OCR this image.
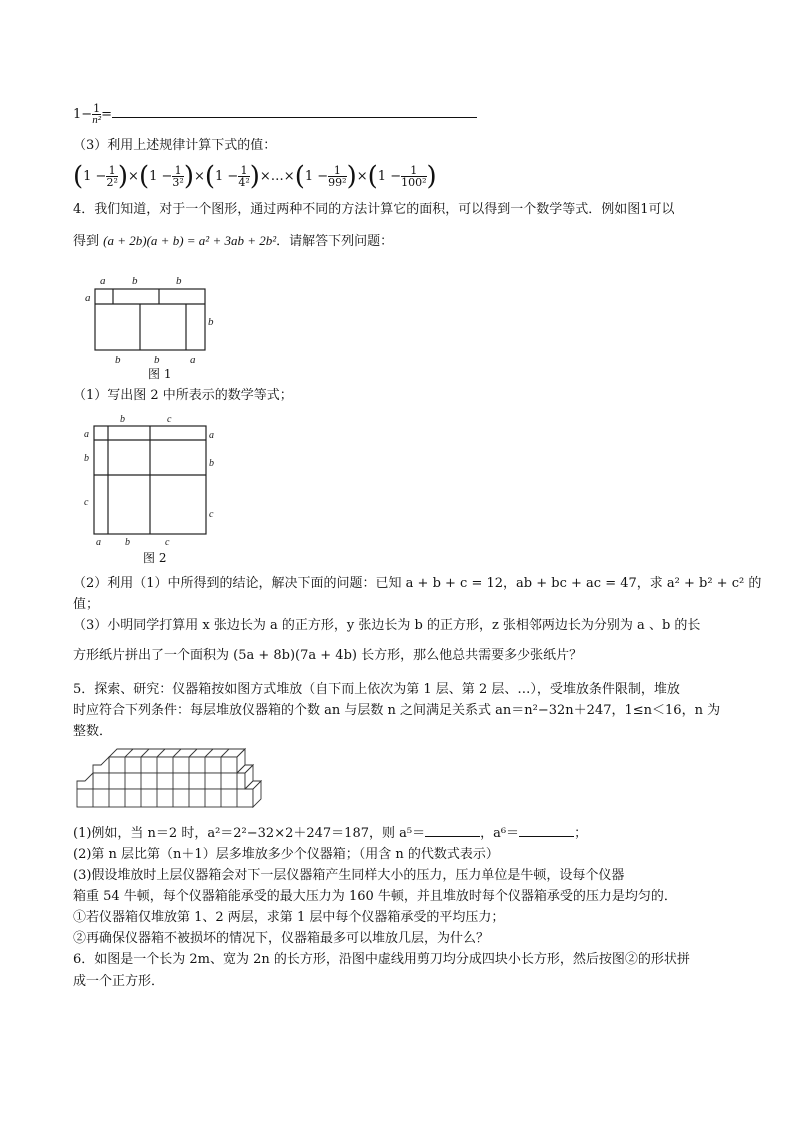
$1- \frac{1}{\text{n²}}$ =
（3）利用上述规律计算下式的值：
$(1 - \frac{1}{\text{2²}} )\times(1 - \frac{1}{\text{3²}} )\times(1 - \frac{1}{\text{4²}}$ )×…×(1 − $\frac{1}{\text{99²}} )\times(1 - \frac{1}{\text{100²}}$ )
4．我们知道，对于一个图形，通过两种不同的方法计算它的面积，可以得到一个数学等式．例如图1可以
得到 (a + 2b)(a + b) = a² + 3ab + 2b²．请解答下列问题：
a b	b
a
b
b	b	a
图 1
（1）写出图 2 中所表示的数学等式；
b	c
a
b
c
a
b
c
a b	c
图 2
（2）利用（1）中所得到的结论，解决下面的问题：已知 a + b + c = 12，ab + bc + ac = 47，求 a² + b² + c² 的
值；
（3）小明同学打算用 x 张边长为 a 的正方形，y 张边长为 b 的正方形，z 张相邻两边长为分别为 a 、b 的长
方形纸片拼出了一个面积为 (5a + 8b)(7a + 4b) 长方形，那么他总共需要多少张纸片？
5．探索、研究：仪器箱按如图方式堆放（自下而上依次为第 1 层、第 2 层、…），受堆放条件限制，堆放
时应符合下列条件：每层堆放仪器箱的个数 an 与层数 n 之间满足关系式 an＝n²−32n＋247，1≤n＜16，n 为
整数．
(1)例如，当 n＝2 时，a²＝2²−32×2＋247＝187，则 a⁵＝	，a⁶＝	；
(2)第 n 层比第（n＋1）层多堆放多少个仪器箱；（用含 n 的代数式表示）
(3)假设堆放时上层仪器箱会对下一层仪器箱产生同样大小的压力，压力单位是牛顿，设每个仪器
箱重 54 牛顿，每个仪器箱能承受的最大压力为 160 牛顿，并且堆放时每个仪器箱承受的压力是均匀的．
①若仪器箱仅堆放第 1、2 两层，求第 1 层中每个仪器箱承受的平均压力；
②再确保仪器箱不被损坏的情况下，仪器箱最多可以堆放几层，为什么？
6．如图是一个长为 2m、宽为 2n 的长方形，沿图中虚线用剪刀均分成四块小长方形，然后按图②的形状拼
成一个正方形．
